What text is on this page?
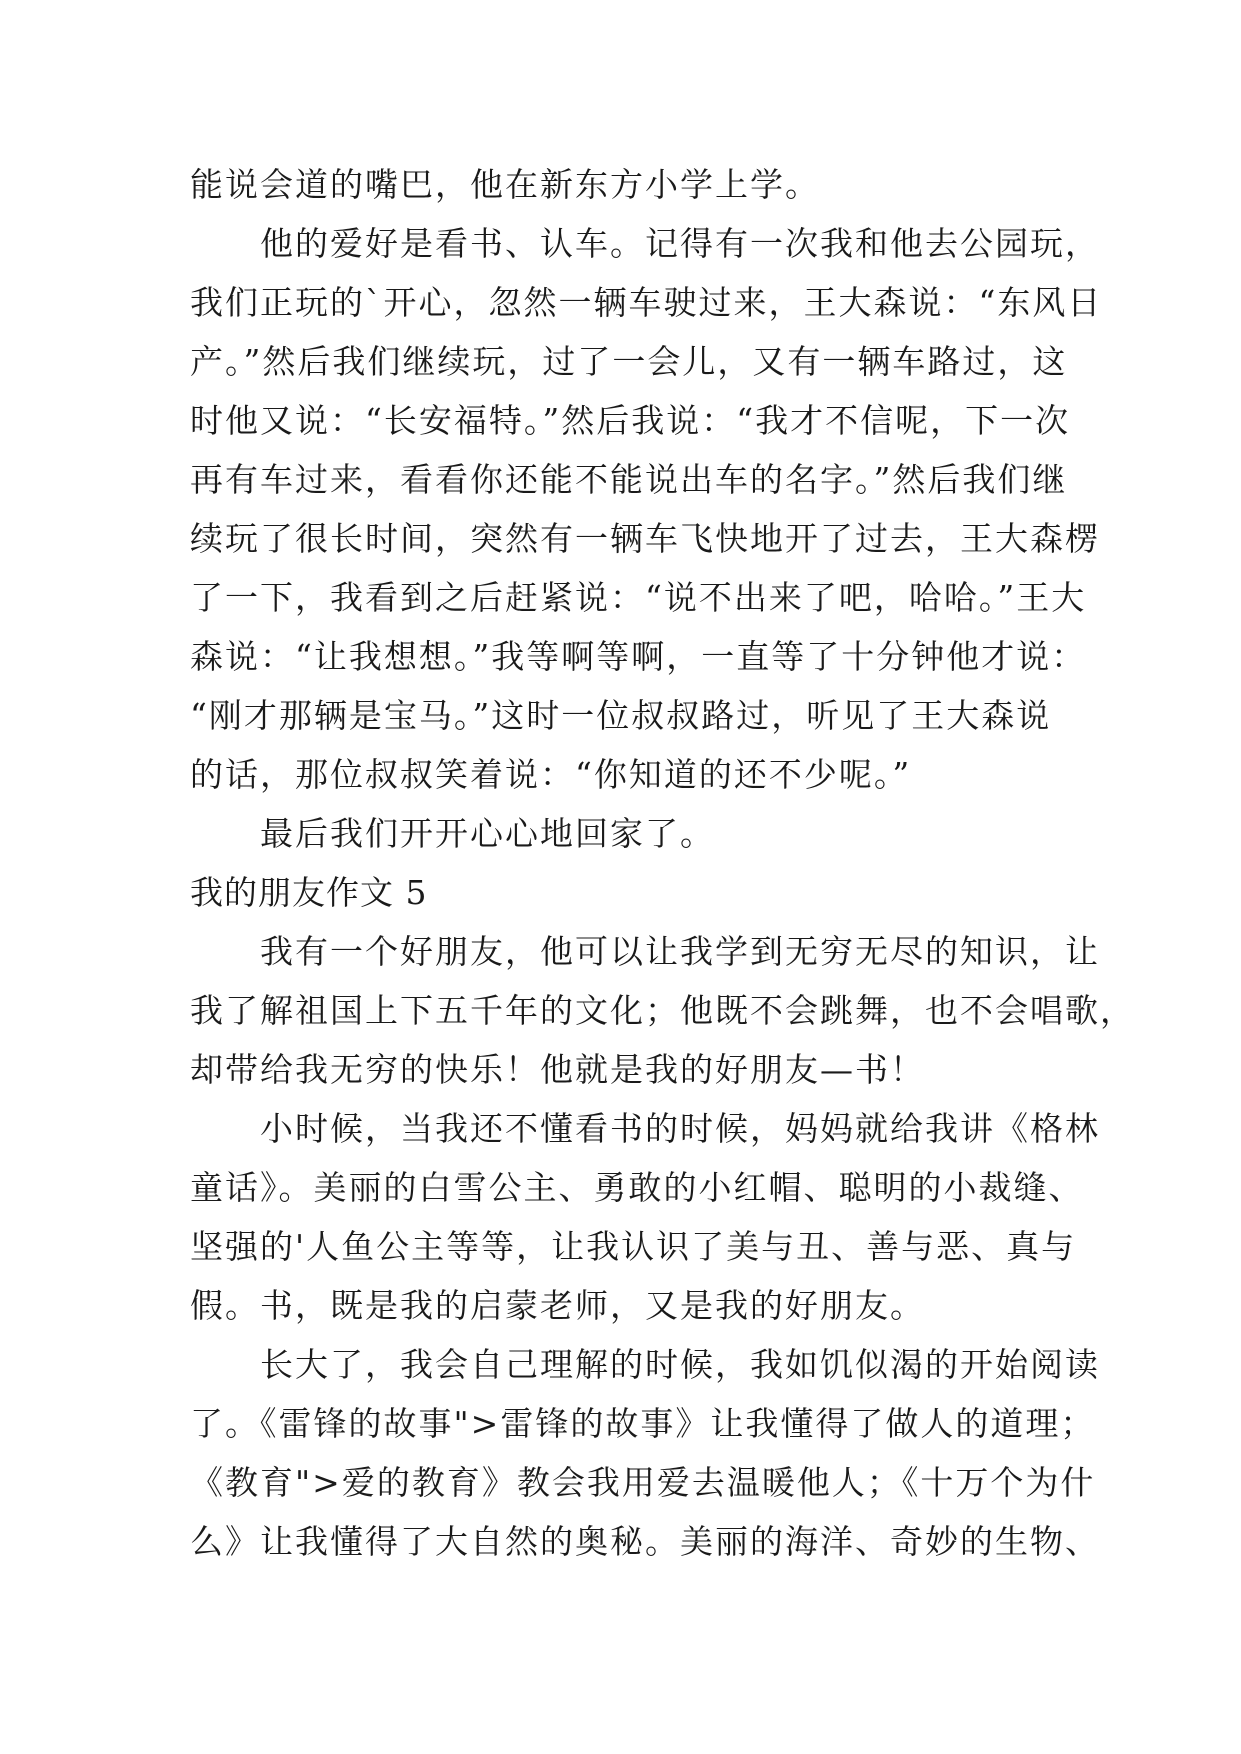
能说会道的嘴巴，他在新东方小学上学。
他的爱好是看书、认车。记得有一次我和他去公园玩，
我们正玩的`开心，忽然一辆车驶过来，王大森说：“东风日
产。”然后我们继续玩，过了一会儿，又有一辆车路过，这
时他又说：“长安福特。”然后我说：“我才不信呢，下一次
再有车过来，看看你还能不能说出车的名字。”然后我们继
续玩了很长时间，突然有一辆车飞快地开了过去，王大森楞
了一下，我看到之后赶紧说：“说不出来了吧，哈哈。”王大
森说：“让我想想。”我等啊等啊，一直等了十分钟他才说：
“刚才那辆是宝马。”这时一位叔叔路过，听见了王大森说
的话，那位叔叔笑着说：“你知道的还不少呢。”
最后我们开开心心地回家了。
我的朋友作文 5
我有一个好朋友，他可以让我学到无穷无尽的知识，让
我了解祖国上下五千年的文化；他既不会跳舞，也不会唱歌，
却带给我无穷的快乐！他就是我的好朋友—书！
小时候，当我还不懂看书的时候，妈妈就给我讲《格林
童话》。美丽的白雪公主、勇敢的小红帽、聪明的小裁缝、
坚强的'人鱼公主等等，让我认识了美与丑、善与恶、真与
假。书，既是我的启蒙老师，又是我的好朋友。
长大了，我会自己理解的时候，我如饥似渴的开始阅读
了。《雷锋的故事">雷锋的故事》让我懂得了做人的道理；
《教育">爱的教育》教会我用爱去温暖他人；《十万个为什
么》让我懂得了大自然的奥秘。美丽的海洋、奇妙的生物、
